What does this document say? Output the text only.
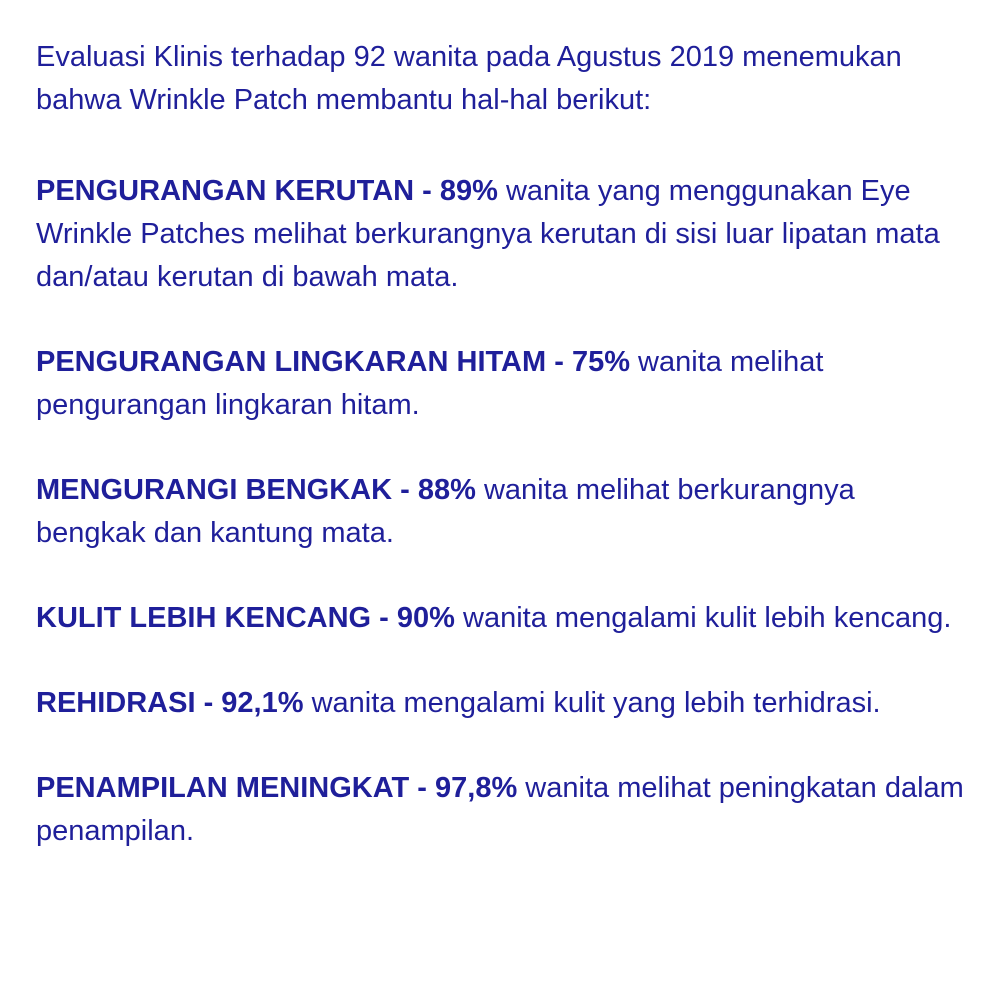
Evaluasi Klinis terhadap 92 wanita pada Agustus 2019 menemukan bahwa Wrinkle Patch membantu hal-hal berikut:

PENGURANGAN KERUTAN - 89% wanita yang menggunakan Eye Wrinkle Patches melihat berkurangnya kerutan di sisi luar lipatan mata dan/atau kerutan di bawah mata.

PENGURANGAN LINGKARAN HITAM - 75% wanita melihat pengurangan lingkaran hitam.

MENGURANGI BENGKAK - 88% wanita melihat berkurangnya bengkak dan kantung mata.

KULIT LEBIH KENCANG - 90% wanita mengalami kulit lebih kencang.

REHIDRASI - 92,1% wanita mengalami kulit yang lebih terhidrasi.

PENAMPILAN MENINGKAT - 97,8% wanita melihat peningkatan dalam penampilan.
